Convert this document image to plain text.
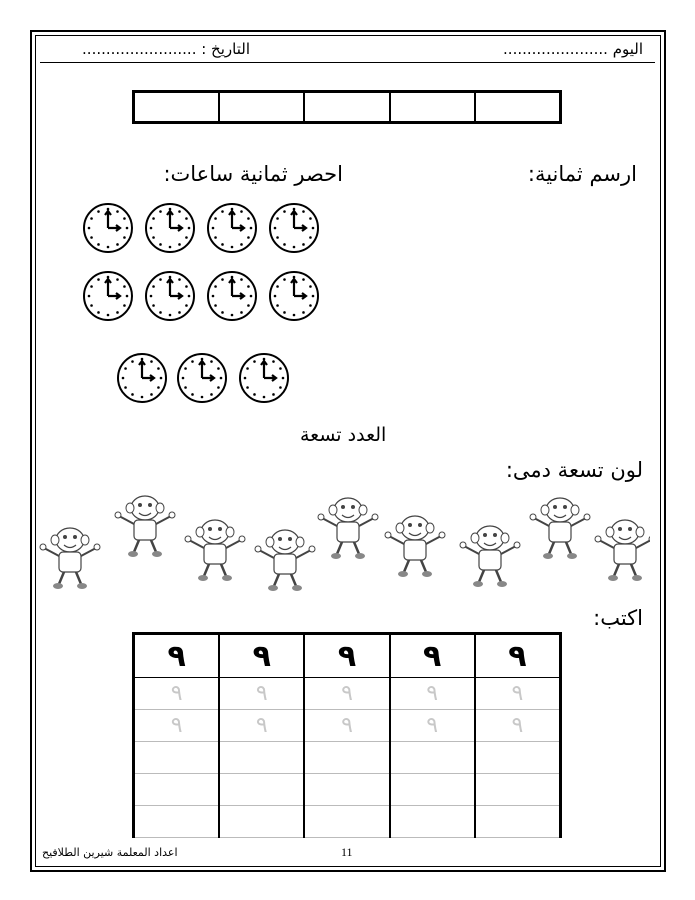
اليوم ......................
التاريخ : ........................
ارسم ثمانية:
احصر ثمانية ساعات:
العدد تسعة
لون تسعة دمى:
اكتب:
٩
٩
٩
٩
٩
٩
٩
٩
٩
٩
٩
٩
٩
٩
٩
اعداد المعلمة شيرين الطلافيح	11
